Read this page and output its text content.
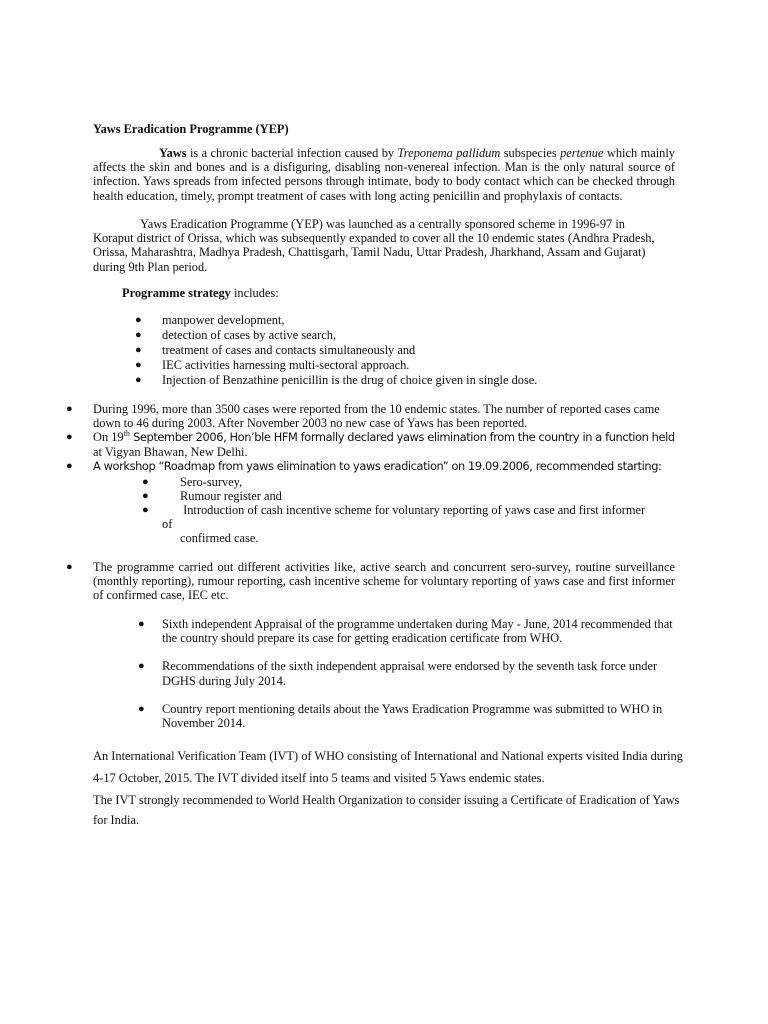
Yaws Eradication Programme (YEP)

Yaws is a chronic bacterial infection caused by Treponema pallidum subspecies pertenue which mainly affects the skin and bones and is a disfiguring, disabling non-venereal infection. Man is the only natural source of infection. Yaws spreads from infected persons through intimate, body to body contact which can be checked through health education, timely, prompt treatment of cases with long acting penicillin and prophylaxis of contacts.

Yaws Eradication Programme (YEP) was launched as a centrally sponsored scheme in 1996-97 in
Koraput district of Orissa, which was subsequently expanded to cover all the 10 endemic states (Andhra Pradesh, Orissa, Maharashtra, Madhya Pradesh, Chattisgarh, Tamil Nadu, Uttar Pradesh, Jharkhand, Assam and Gujarat) during 9th Plan period.

Programme strategy includes:

● manpower development,
● detection of cases by active search,
● treatment of cases and contacts simultaneously and
● IEC activities harnessing multi-sectoral approach.
● Injection of Benzathine penicillin is the drug of choice given in single dose.
● During 1996, more than 3500 cases were reported from the 10 endemic states. The number of reported cases came down to 46 during 2003. After November 2003 no new case of Yaws has been reported.
● On 19th September 2006, Hon’ble HFM formally declared yaws elimination from the country in a function held
at Vigyan Bhawan, New Delhi.
● A workshop “Roadmap from yaws elimination to yaws eradication” on 19.09.2006, recommended starting:
●	Sero-survey,
●	Rumour register and
●	Introduction of cash incentive scheme for voluntary reporting of yaws case and first informer
of
confirmed case.
● The programme carried out different activities like, active search and concurrent sero-survey, routine surveillance (monthly reporting), rumour reporting, cash incentive scheme for voluntary reporting of yaws case and first informer of confirmed case, IEC etc.
● Sixth independent Appraisal of the programme undertaken during May - June, 2014 recommended that the country should prepare its case for getting eradication certificate from WHO.
● Recommendations of the sixth independent appraisal were endorsed by the seventh task force under DGHS during July 2014.
● Country report mentioning details about the Yaws Eradication Programme was submitted to WHO in November 2014.

An International Verification Team (IVT) of WHO consisting of International and National experts visited India during 4-17 October, 2015. The IVT divided itself into 5 teams and visited 5 Yaws endemic states.

The IVT strongly recommended to World Health Organization to consider issuing a Certificate of Eradication of Yaws for India.
